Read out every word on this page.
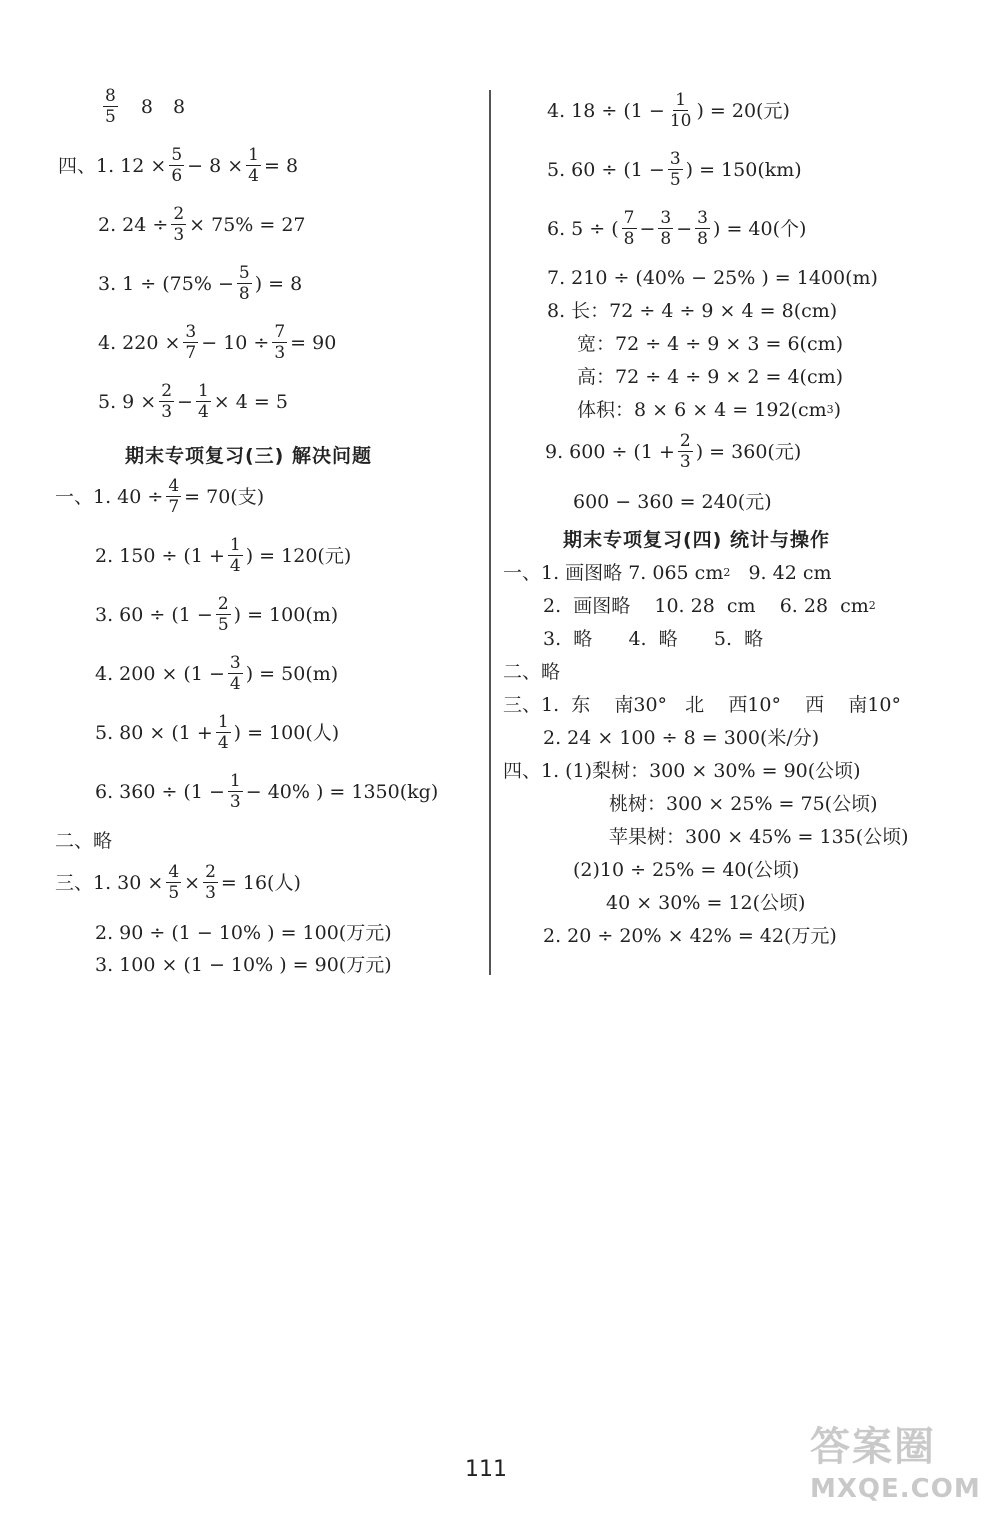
$\frac{8}{5} 8$ 8
四、1. $12 \times \frac{5}{6} - 8 \times \frac{1}{4} = 8$
2. $24 \div \frac{2}{3} \times 75\% = 27$
3. $1 \div (75\% - \frac{5}{8}$ ) = 8
4. $220 \times \frac{3}{7} - 10 \div \frac{7}{3} = 90$
5. $9 \times \frac{2}{3} - \frac{1}{4} \times 4 = 5$
期末专项复习(三) 解决问题
一、1. $40 \div \frac{4}{7} = 70$(支)
2. $150 \div (1 + \frac{1}{4}$ ) = 120(元)
3. $60 \div (1 - \frac{2}{5}$ ) = 100(m)
4. $200 \times (1 - \frac{3}{4}$ ) = 50(m)
5. $80 \times (1 + \frac{1}{4}$ ) = 100(人)
6. $360 \div (1 - \frac{1}{3} - 40\%$ ) = 1350(kg)
二、略
三、1. $30 \times \frac{4}{5} \times \frac{2}{3} = 16$(人)
2. 90 ÷ (1 − 10% ) = 100(万元)
3. 100 × (1 − 10% ) = 90(万元)
4. $18 \div (1 - \frac{1}{10}$ ) = 20(元)
5. $60 \div (1 - \frac{3}{5}$ ) = 150(km)
6. 5 ÷ ( $\frac{7}{8} - \frac{3}{8} - \frac{3}{8}$ ) = 40(个)
7. 210 ÷ (40% − 25% ) = 1400(m)
8. 长：72 ÷ 4 ÷ 9 × 4 = 8(cm)
宽：72 ÷ 4 ÷ 9 × 3 = 6(cm)
高：72 ÷ 4 ÷ 9 × 2 = 4(cm)
体积：8 × 6 × 4 = 192(cm 3 )
9. $600 \div (1 + \frac{2}{3}$ ) = 360(元)
600 − 360 = 240(元)
期末专项复习(四) 统计与操作
一、1. 画图略 7. 065 cm 2 9. 42 cm
2.  画图略    10. 28  cm    6. 28  cm 2
3.  略      4.  略      5.  略
二、略
三、1.  东    南30°   北    西10°    西    南10°
2. 24 × 100 ÷ 8 = 300(米/分)
四、1. (1)梨树：300 × 30% = 90(公顷)
桃树：300 × 25% = 75(公顷)
苹果树：300 × 45% = 135(公顷)
(2)10 ÷ 25% = 40(公顷)
40 × 30% = 12(公顷)
2. 20 ÷ 20% × 42% = 42(万元)
111	答案圈
MXQE.COM
